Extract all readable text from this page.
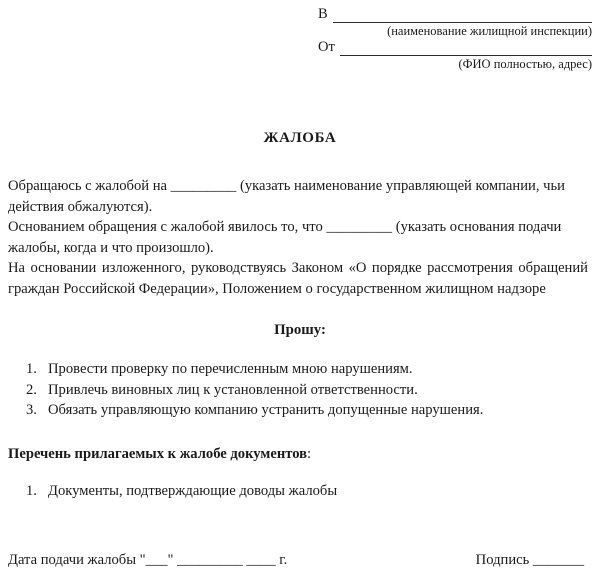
В
(наименование жилищной инспекции)
От
(ФИО полностью, адрес)
ЖАЛОБА

Обращаюсь с жалобой на _________ (указать наименование управляющей компании, чьи действия обжалуются).

Основанием обращения с жалобой явилось то, что _________ (указать основания подачи жалобы, когда и что произошло).

На основании изложенного, руководствуясь Законом «О порядке рассмотрения обращений граждан Российской Федерации», Положением о государственном жилищном надзоре

Прошу:
1. Провести проверку по перечисленным мною нарушениям.
2. Привлечь виновных лиц к установленной ответственности.
3. Обязать управляющую компанию устранить допущенные нарушения.
Перечень прилагаемых к жалобе документов:
1. Документы, подтверждающие доводы жалобы
Дата подачи жалобы "___" _________ ____ г.	Подпись _______
